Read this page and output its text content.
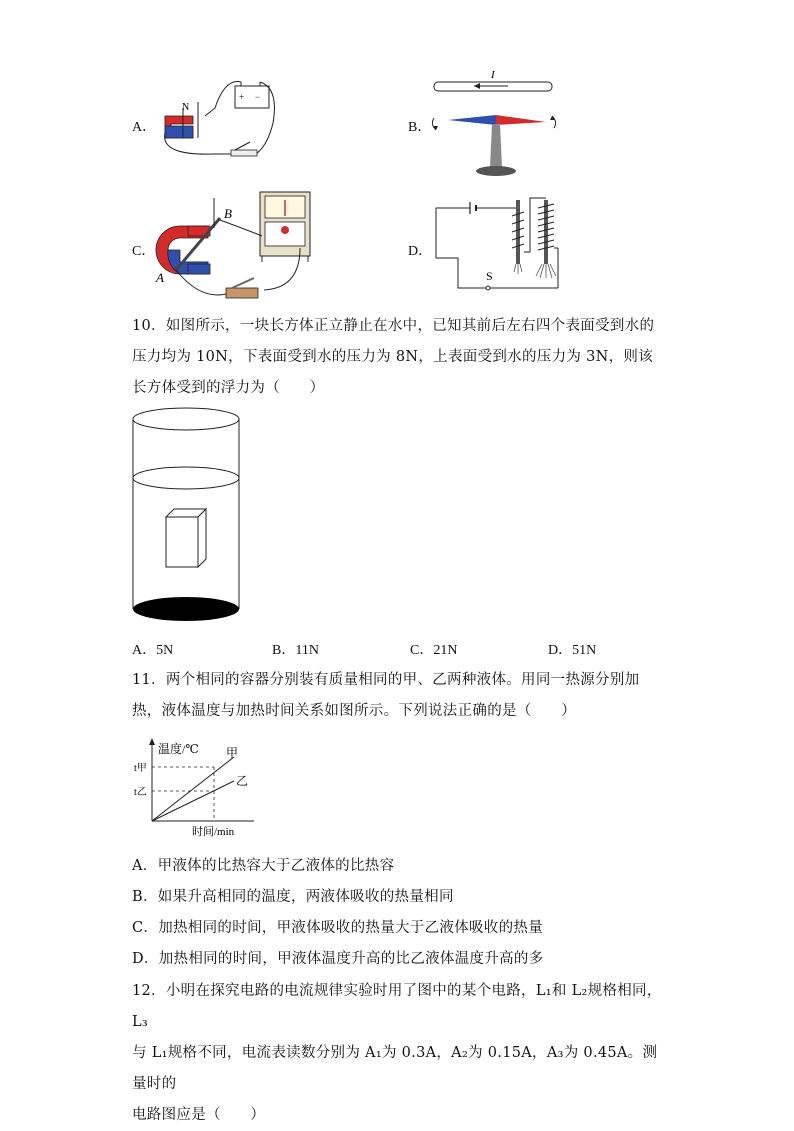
A．
+ −
N
B．
I
C．
B
A
D．
S
10．如图所示，一块长方体正立静止在水中，已知其前后左右四个表面受到水的压力均为 10N，下表面受到水的压力为 8N，上表面受到水的压力为 3N，则该长方体受到的浮力为（　　）
A．5N	B．11N	C．21N	D．51N
11．两个相同的容器分别装有质量相同的甲、乙两种液体。用同一热源分别加热，液体温度与加热时间关系如图所示。下列说法正确的是（　　）
温度/℃ 甲
乙
t甲
t乙
时间/min
A．甲液体的比热容大于乙液体的比热容
B．如果升高相同的温度，两液体吸收的热量相同
C．加热相同的时间，甲液体吸收的热量大于乙液体吸收的热量
D．加热相同的时间，甲液体温度升高的比乙液体温度升高的多
12．小明在探究电路的电流规律实验时用了图中的某个电路，L₁和 L₂规格相同，L₃
与 L₁规格不同，电流表读数分别为 A₁为 0.3A，A₂为 0.15A，A₃为 0.45A。测量时的
电路图应是（　　）
